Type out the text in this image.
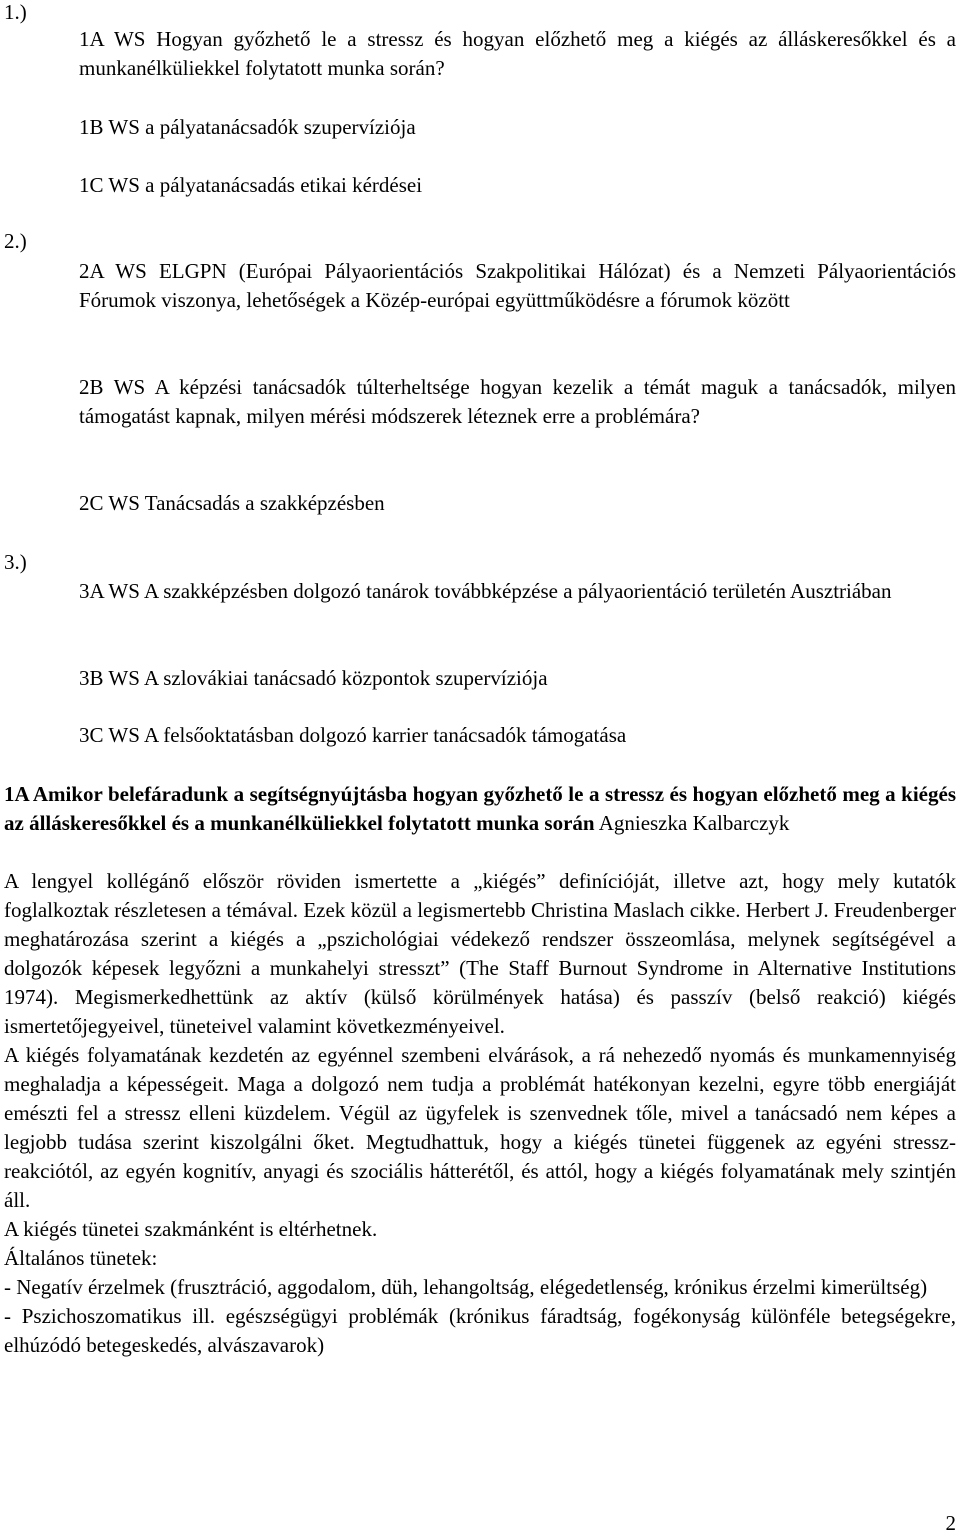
1.)

1A WS Hogyan győzhető le a stressz és hogyan előzhető meg a kiégés az álláskeresőkkel és a munkanélküliekkel folytatott munka során?

1B WS a pályatanácsadók szupervíziója

1C WS a pályatanácsadás etikai kérdései

2.)

2A WS ELGPN (Európai Pályaorientációs Szakpolitikai Hálózat) és a Nemzeti Pályaorientációs Fórumok viszonya, lehetőségek a Közép-európai együttműködésre a fórumok között

2B WS A képzési tanácsadók túlterheltsége hogyan kezelik a témát maguk a tanácsadók, milyen támogatást kapnak, milyen mérési módszerek léteznek erre a problémára?

2C WS Tanácsadás a szakképzésben

3.)

3A WS A szakképzésben dolgozó tanárok továbbképzése a pályaorientáció területén Ausztriában

3B WS A szlovákiai tanácsadó központok szupervíziója

3C WS A felsőoktatásban dolgozó karrier tanácsadók támogatása

1A Amikor belefáradunk a segítségnyújtásba hogyan győzhető le a stressz és hogyan előzhető meg a kiégés az álláskeresőkkel és a munkanélküliekkel folytatott munka során Agnieszka Kalbarczyk

A lengyel kollégánő először röviden ismertette a „kiégés” definícióját, illetve azt, hogy mely kutatók foglalkoztak részletesen a témával. Ezek közül a legismertebb Christina Maslach cikke. Herbert J. Freudenberger meghatározása szerint a kiégés a „pszichológiai védekező rendszer összeomlása, melynek segítségével a dolgozók képesek legyőzni a munkahelyi stresszt” (The Staff Burnout Syndrome in Alternative Institutions 1974). Megismerkedhettünk az aktív (külső körülmények hatása) és passzív (belső reakció) kiégés ismertetőjegyeivel, tüneteivel valamint következményeivel.

A kiégés folyamatának kezdetén az egyénnel szembeni elvárások, a rá nehezedő nyomás és munkamennyiség meghaladja a képességeit. Maga a dolgozó nem tudja a problémát hatékonyan kezelni, egyre több energiáját emészti fel a stressz elleni küzdelem. Végül az ügyfelek is szenvednek tőle, mivel a tanácsadó nem képes a legjobb tudása szerint kiszolgálni őket. Megtudhattuk, hogy a kiégés tünetei függenek az egyéni stressz-reakciótól, az egyén kognitív, anyagi és szociális hátterétől, és attól, hogy a kiégés folyamatának mely szintjén áll.

A kiégés tünetei szakmánként is eltérhetnek.

Általános tünetek:

- Negatív érzelmek (frusztráció, aggodalom, düh, lehangoltság, elégedetlenség, krónikus érzelmi kimerültség)

- Pszichoszomatikus ill. egészségügyi problémák (krónikus fáradtság, fogékonyság különféle betegségekre, elhúzódó betegeskedés, alvászavarok)

2
